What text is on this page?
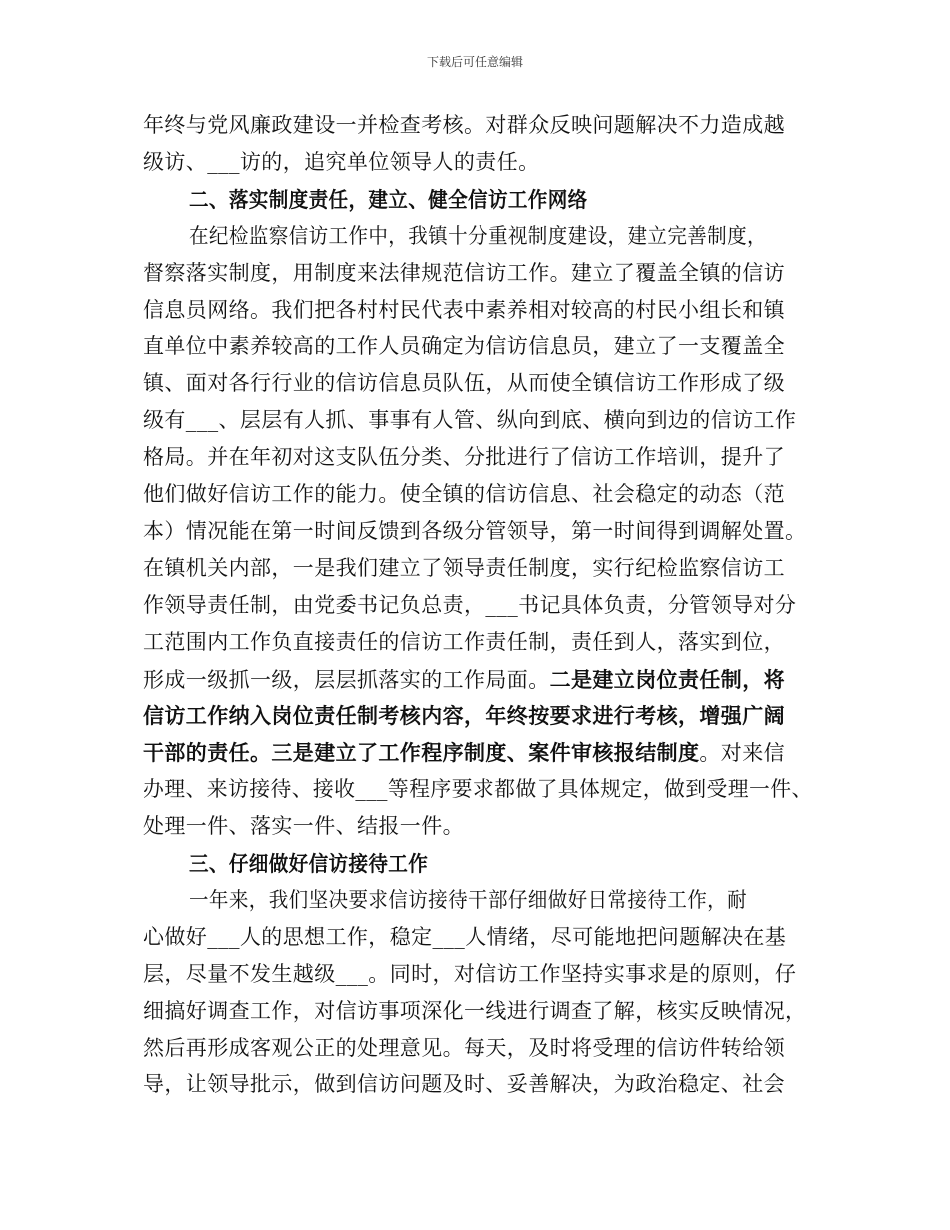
下载后可任意编辑
年终与党风廉政建设一并检查考核。对群众反映问题解决不力造成越
级访、___访的，追究单位领导人的责任。
二、落实制度责任，建立、健全信访工作网络
在纪检监察信访工作中，我镇十分重视制度建设，建立完善制度，
督察落实制度，用制度来法律规范信访工作。建立了覆盖全镇的信访
信息员网络。我们把各村村民代表中素养相对较高的村民小组长和镇
直单位中素养较高的工作人员确定为信访信息员，建立了一支覆盖全
镇、面对各行行业的信访信息员队伍，从而使全镇信访工作形成了级
级有___、层层有人抓、事事有人管、纵向到底、横向到边的信访工作
格局。并在年初对这支队伍分类、分批进行了信访工作培训，提升了
他们做好信访工作的能力。使全镇的信访信息、社会稳定的动态（范
本）情况能在第一时间反馈到各级分管领导，第一时间得到调解处置。
在镇机关内部，一是我们建立了领导责任制度，实行纪检监察信访工
作领导责任制，由党委书记负总责，___书记具体负责，分管领导对分
工范围内工作负直接责任的信访工作责任制，责任到人，落实到位，
形成一级抓一级，层层抓落实的工作局面。二是建立岗位责任制，将
信访工作纳入岗位责任制考核内容，年终按要求进行考核，增强广阔
干部的责任。三是建立了工作程序制度、案件审核报结制度。对来信
办理、来访接待、接收___等程序要求都做了具体规定，做到受理一件、
处理一件、落实一件、结报一件。
三、仔细做好信访接待工作
一年来，我们坚决要求信访接待干部仔细做好日常接待工作，耐
心做好___人的思想工作，稳定___人情绪，尽可能地把问题解决在基
层，尽量不发生越级___。同时，对信访工作坚持实事求是的原则，仔
细搞好调查工作，对信访事项深化一线进行调查了解，核实反映情况，
然后再形成客观公正的处理意见。每天，及时将受理的信访件转给领
导，让领导批示，做到信访问题及时、妥善解决，为政治稳定、社会
